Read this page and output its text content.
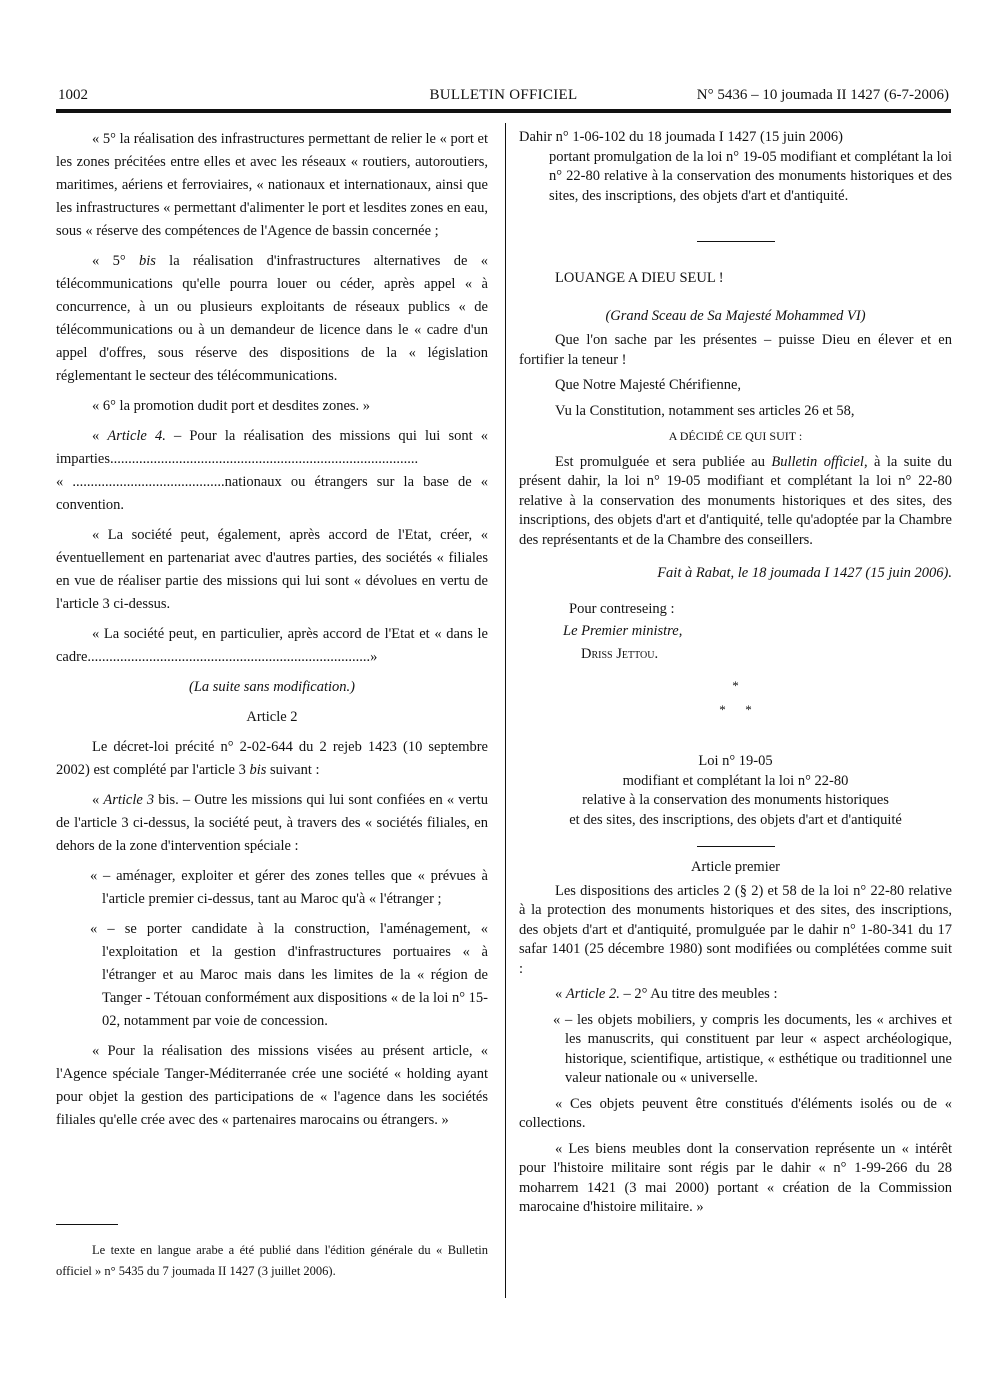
1002	BULLETIN OFFICIEL	N° 5436 – 10 joumada II 1427 (6-7-2006)

« 5° la réalisation des infrastructures permettant de relier le « port et les zones précitées entre elles et avec les réseaux « routiers, autoroutiers, maritimes, aériens et ferroviaires, « nationaux et internationaux, ainsi que les infrastructures « permettant d'alimenter le port et lesdites zones en eau, sous « réserve des compétences de l'Agence de bassin concernée ;

« 5° bis la réalisation d'infrastructures alternatives de « télécommunications qu'elle pourra louer ou céder, après appel « à concurrence, à un ou plusieurs exploitants de réseaux publics « de télécommunications ou à un demandeur de licence dans le « cadre d'un appel d'offres, sous réserve des dispositions de la « législation réglementant le secteur des télécommunications.

« 6° la promotion dudit port et desdites zones. »

« Article 4. – Pour la réalisation des missions qui lui sont « imparties.....................................................................................

« ..........................................nationaux ou étrangers sur la base de « convention.

« La société peut, également, après accord de l'Etat, créer, « éventuellement en partenariat avec d'autres parties, des sociétés « filiales en vue de réaliser partie des missions qui lui sont « dévolues en vertu de l'article 3 ci-dessus.

« La société peut, en particulier, après accord de l'Etat et « dans le cadre..............................................................................»

(La suite sans modification.)

Article 2

Le décret-loi précité n° 2-02-644 du 2 rejeb 1423 (10 septembre 2002) est complété par l'article 3 bis suivant :

« Article 3 bis. – Outre les missions qui lui sont confiées en « vertu de l'article 3 ci-dessus, la société peut, à travers des « sociétés filiales, en dehors de la zone d'intervention spéciale :

« – aménager, exploiter et gérer des zones telles que « prévues à l'article premier ci-dessus, tant au Maroc qu'à « l'étranger ;

« – se porter candidate à la construction, l'aménagement, « l'exploitation et la gestion d'infrastructures portuaires « à l'étranger et au Maroc mais dans les limites de la « région de Tanger - Tétouan conformément aux dispositions « de la loi n° 15-02, notamment par voie de concession.

« Pour la réalisation des missions visées au présent article, « l'Agence spéciale Tanger-Méditerranée crée une société « holding ayant pour objet la gestion des participations de « l'agence dans les sociétés filiales qu'elle crée avec des « partenaires marocains ou étrangers. »

Le texte en langue arabe a été publié dans l'édition générale du « Bulletin officiel » n° 5435 du 7 joumada II 1427 (3 juillet 2006).

Dahir n° 1-06-102 du 18 joumada I 1427 (15 juin 2006)

portant promulgation de la loi n° 19-05 modifiant et complétant la loi n° 22-80 relative à la conservation des monuments historiques et des sites, des inscriptions, des objets d'art et d'antiquité.

LOUANGE A DIEU SEUL !

(Grand Sceau de Sa Majesté Mohammed VI)

Que l'on sache par les présentes – puisse Dieu en élever et en fortifier la teneur !

Que Notre Majesté Chérifienne,

Vu la Constitution, notamment ses articles 26 et 58,

A DÉCIDÉ CE QUI SUIT :

Est promulguée et sera publiée au Bulletin officiel, à la suite du présent dahir, la loi n° 19-05 modifiant et complétant la loi n° 22-80 relative à la conservation des monuments historiques et des sites, des inscriptions, des objets d'art et d'antiquité, telle qu'adoptée par la Chambre des représentants et de la Chambre des conseillers.

Fait à Rabat, le 18 joumada I 1427 (15 juin 2006).

Pour contreseing :

Le Premier ministre,

Driss Jettou.

*
*      *

Loi n° 19-05

modifiant et complétant la loi n° 22-80

relative à la conservation des monuments historiques

et des sites, des inscriptions, des objets d'art et d'antiquité

Article premier

Les dispositions des articles 2 (§ 2) et 58 de la loi n° 22-80 relative à la protection des monuments historiques et des sites, des inscriptions, des objets d'art et d'antiquité, promulguée par le dahir n° 1-80-341 du 17 safar 1401 (25 décembre 1980) sont modifiées ou complétées comme suit :

« Article 2. – 2° Au titre des meubles :

« – les objets mobiliers, y compris les documents, les « archives et les manuscrits, qui constituent par leur « aspect archéologique, historique, scientifique, artistique, « esthétique ou traditionnel une valeur nationale ou « universelle.

« Ces objets peuvent être constitués d'éléments isolés ou de « collections.

« Les biens meubles dont la conservation représente un « intérêt pour l'histoire militaire sont régis par le dahir « n° 1-99-266 du 28 moharrem 1421 (3 mai 2000) portant « création de la Commission marocaine d'histoire militaire. »
